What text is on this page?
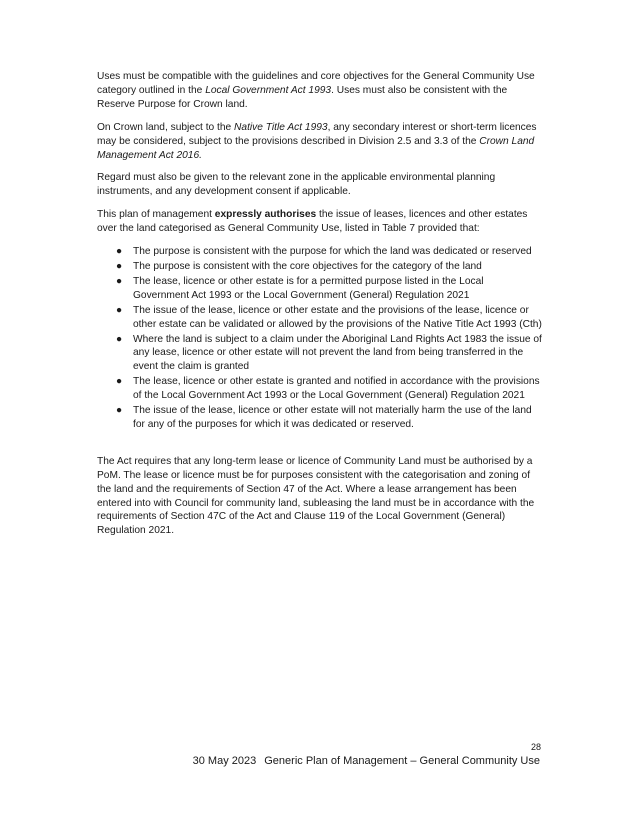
Uses must be compatible with the guidelines and core objectives for the General Community Use category outlined in the Local Government Act 1993. Uses must also be consistent with the Reserve Purpose for Crown land.

On Crown land, subject to the Native Title Act 1993, any secondary interest or short-term licences may be considered, subject to the provisions described in Division 2.5 and 3.3 of the Crown Land Management Act 2016.

Regard must also be given to the relevant zone in the applicable environmental planning instruments, and any development consent if applicable.

This plan of management expressly authorises the issue of leases, licences and other estates over the land categorised as General Community Use, listed in Table 7 provided that:

● The purpose is consistent with the purpose for which the land was dedicated or reserved
● The purpose is consistent with the core objectives for the category of the land
● The lease, licence or other estate is for a permitted purpose listed in the Local Government Act 1993 or the Local Government (General) Regulation 2021
● The issue of the lease, licence or other estate and the provisions of the lease, licence or other estate can be validated or allowed by the provisions of the Native Title Act 1993 (Cth)
● Where the land is subject to a claim under the Aboriginal Land Rights Act 1983 the issue of any lease, licence or other estate will not prevent the land from being transferred in the event the claim is granted
● The lease, licence or other estate is granted and notified in accordance with the provisions of the Local Government Act 1993 or the Local Government (General) Regulation 2021
● The issue of the lease, licence or other estate will not materially harm the use of the land for any of the purposes for which it was dedicated or reserved.

The Act requires that any long-term lease or licence of Community Land must be authorised by a PoM. The lease or licence must be for purposes consistent with the categorisation and zoning of the land and the requirements of Section 47 of the Act. Where a lease arrangement has been entered into with Council for community land, subleasing the land must be in accordance with the requirements of Section 47C of the Act and Clause 119 of the Local Government (General) Regulation 2021.

28
30 May 2023 Generic Plan of Management – General Community Use
